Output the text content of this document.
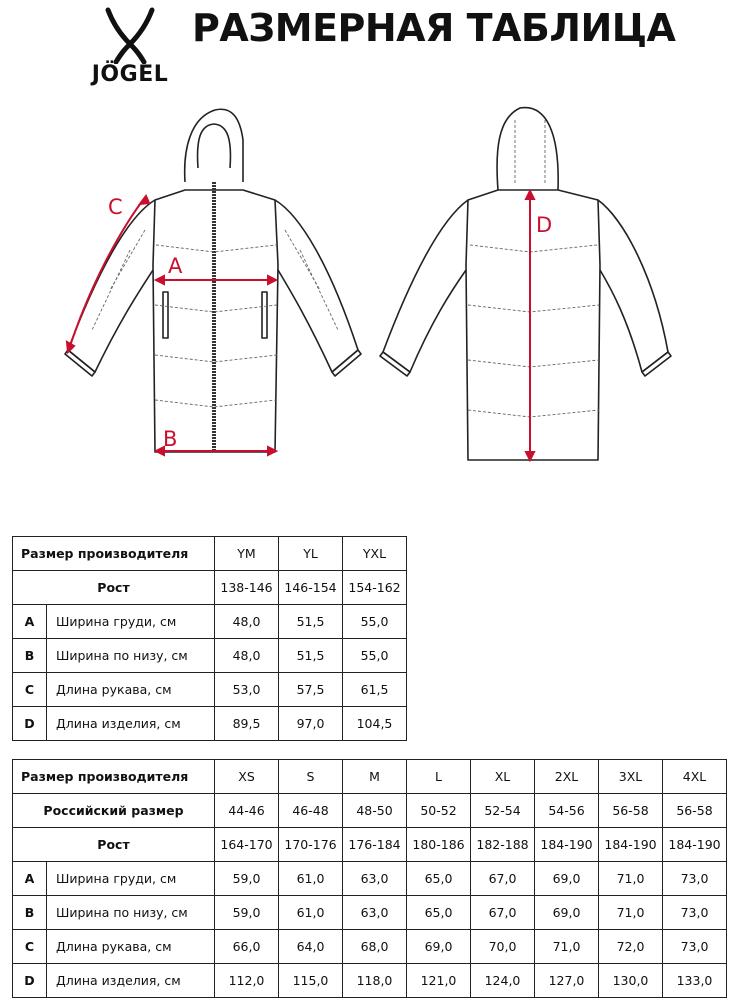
JÖGEL
РАЗМЕРНАЯ ТАБЛИЦА
C
A
B
D
Размер производителя		YM	YL	YXL
Рост		138-146	146-154	154-162
A	Ширина груди, см	48,0	51,5	55,0
B	Ширина по низу, см	48,0	51,5	55,0
C	Длина рукава, см	53,0	57,5	61,5
D	Длина изделия, см	89,5	97,0	104,5
Размер производителя		XS	S	M	L	XL	2XL	3XL	4XL
Российский размер		44-46	46-48	48-50	50-52	52-54	54-56	56-58	56-58
Рост		164-170	170-176	176-184	180-186	182-188	184-190	184-190	184-190
A	Ширина груди, см	59,0	61,0	63,0	65,0	67,0	69,0	71,0	73,0
B	Ширина по низу, см	59,0	61,0	63,0	65,0	67,0	69,0	71,0	73,0
C	Длина рукава, см	66,0	64,0	68,0	69,0	70,0	71,0	72,0	73,0
D	Длина изделия, см	112,0	115,0	118,0	121,0	124,0	127,0	130,0	133,0
